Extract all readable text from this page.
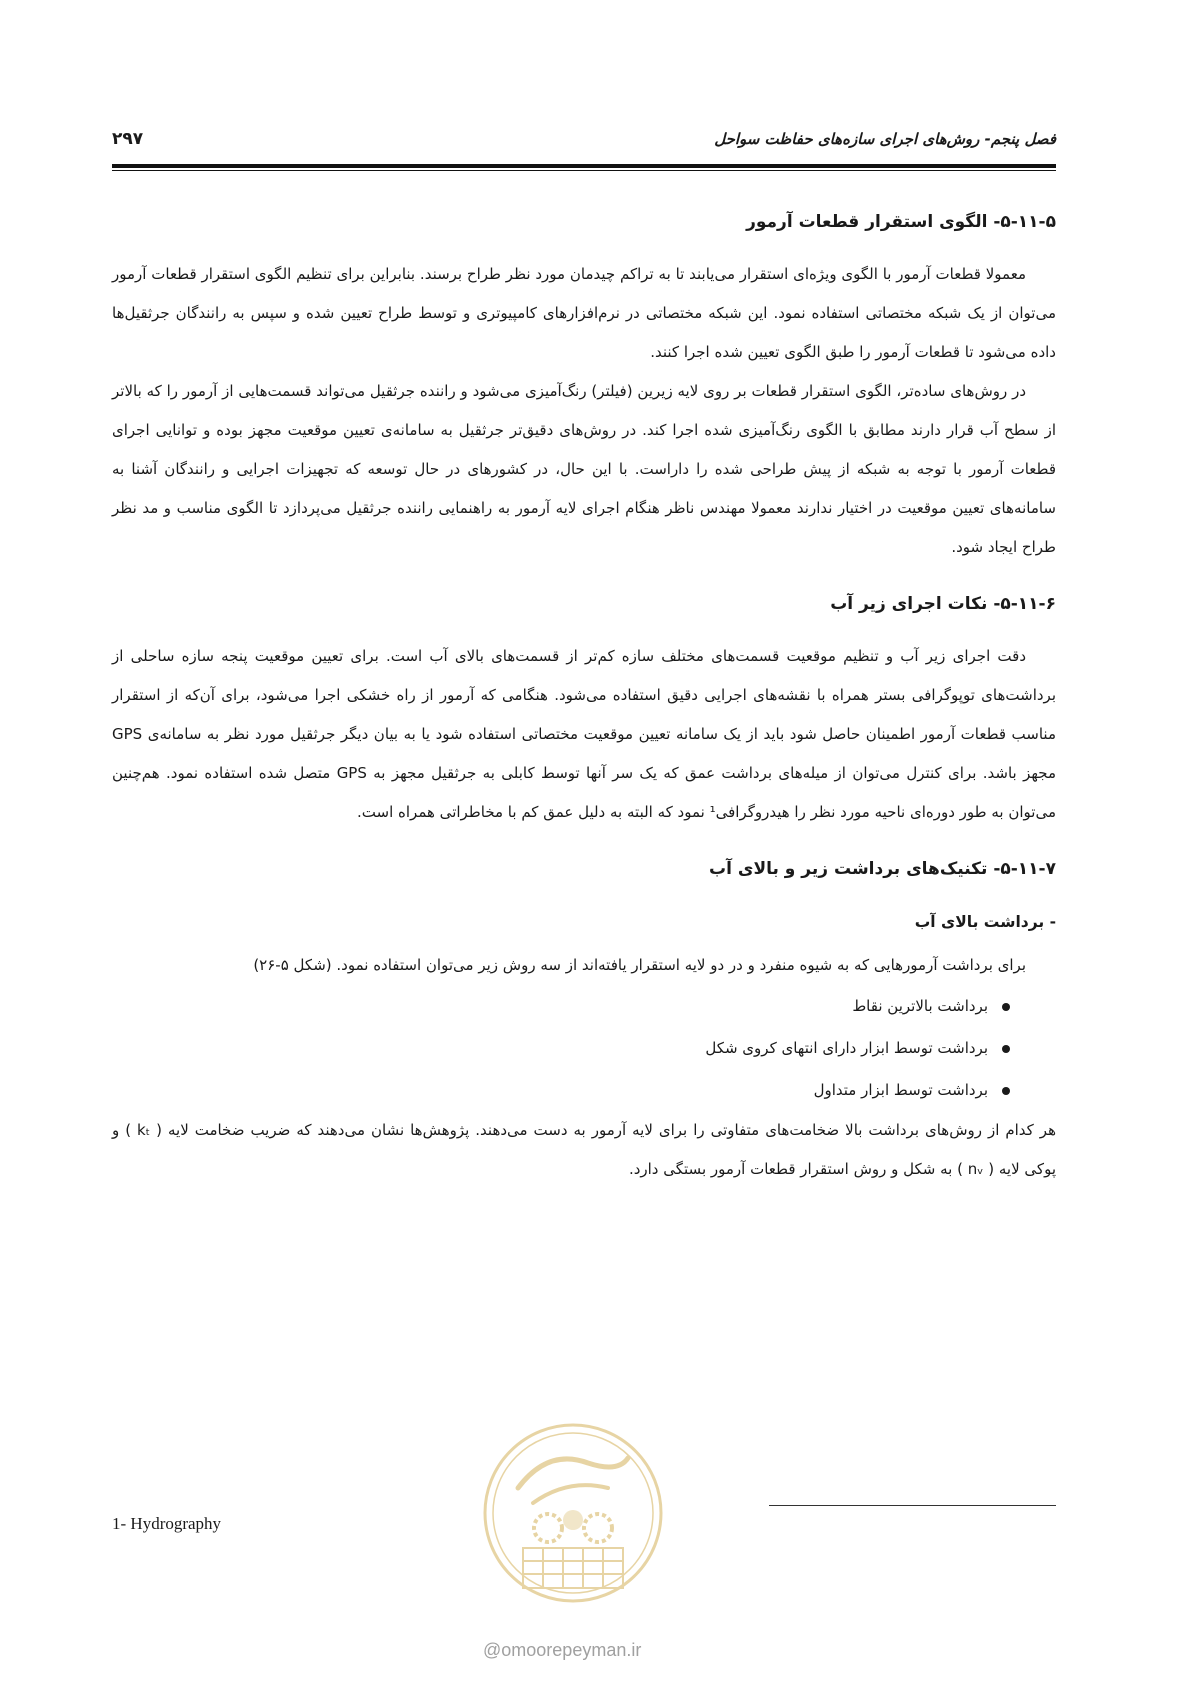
۲۹۷	فصل پنجم- روش‌های اجرای سازه‌های حفاظت سواحل
۵-۱۱-۵- الگوی استقرار قطعات آرمور

معمولا قطعات آرمور با الگوی ویژه‌ای استقرار می‌یابند تا به تراکم چیدمان مورد نظر طراح برسند. بنابراین برای تنظیم الگوی استقرار قطعات آرمور می‌توان از یک شبکه مختصاتی استفاده نمود. این شبکه مختصاتی در نرم‌افزارهای کامپیوتری و توسط طراح تعیین شده و سپس به رانندگان جرثقیل‌ها داده می‌شود تا قطعات آرمور را طبق الگوی تعیین شده اجرا کنند.

در روش‌های ساده‌تر، الگوی استقرار قطعات بر روی لایه زیرین (فیلتر) رنگ‌آمیزی می‌شود و راننده جرثقیل می‌تواند قسمت‌هایی از آرمور را که بالاتر از سطح آب قرار دارند مطابق با الگوی رنگ‌آمیزی شده اجرا کند. در روش‌های دقیق‌تر جرثقیل به سامانه‌ی تعیین موقعیت مجهز بوده و توانایی اجرای قطعات آرمور با توجه به شبکه از پیش طراحی شده را داراست. با این حال، در کشورهای در حال توسعه که تجهیزات اجرایی و رانندگان آشنا به سامانه‌های تعیین موقعیت در اختیار ندارند معمولا مهندس ناظر هنگام اجرای لایه آرمور به راهنمایی راننده جرثقیل می‌پردازد تا الگوی مناسب و مد نظر طراح ایجاد شود.

۵-۱۱-۶- نکات اجرای زیر آب

دقت اجرای زیر آب و تنظیم موقعیت قسمت‌های مختلف سازه کم‌تر از قسمت‌های بالای آب است. برای تعیین موقعیت پنجه سازه ساحلی از برداشت‌های توپوگرافی بستر همراه با نقشه‌های اجرایی دقیق استفاده می‌شود. هنگامی که آرمور از راه خشکی اجرا می‌شود، برای آن‌که از استقرار مناسب قطعات آرمور اطمینان حاصل شود باید از یک سامانه تعیین موقعیت مختصاتی استفاده شود یا به بیان دیگر جرثقیل مورد نظر به سامانه‌ی GPS مجهز باشد. برای کنترل می‌توان از میله‌های برداشت عمق که یک سر آنها توسط کابلی به جرثقیل مجهز به GPS متصل شده استفاده نمود. هم‌چنین می‌توان به طور دوره‌ای ناحیه مورد نظر را هیدروگرافی¹ نمود که البته به دلیل عمق کم با مخاطراتی همراه است.

۵-۱۱-۷- تکنیک‌های برداشت زیر و بالای آب
- برداشت بالای آب

برای برداشت آرمورهایی که به شیوه منفرد و در دو لایه استقرار یافته‌اند از سه روش زیر می‌توان استفاده نمود. (شکل ۵-۲۶)

برداشت بالاترین نقاط
برداشت توسط ابزار دارای انتهای کروی شکل
برداشت توسط ابزار متداول

هر کدام از روش‌های برداشت بالا ضخامت‌های متفاوتی را برای لایه آرمور به دست می‌دهند. پژوهش‌ها نشان می‌دهند که ضریب ضخامت لایه ( kₜ ) و پوکی لایه ( nᵥ ) به شکل و روش استقرار قطعات آرمور بستگی دارد.

@omoorepeyman.ir
1- Hydrography
